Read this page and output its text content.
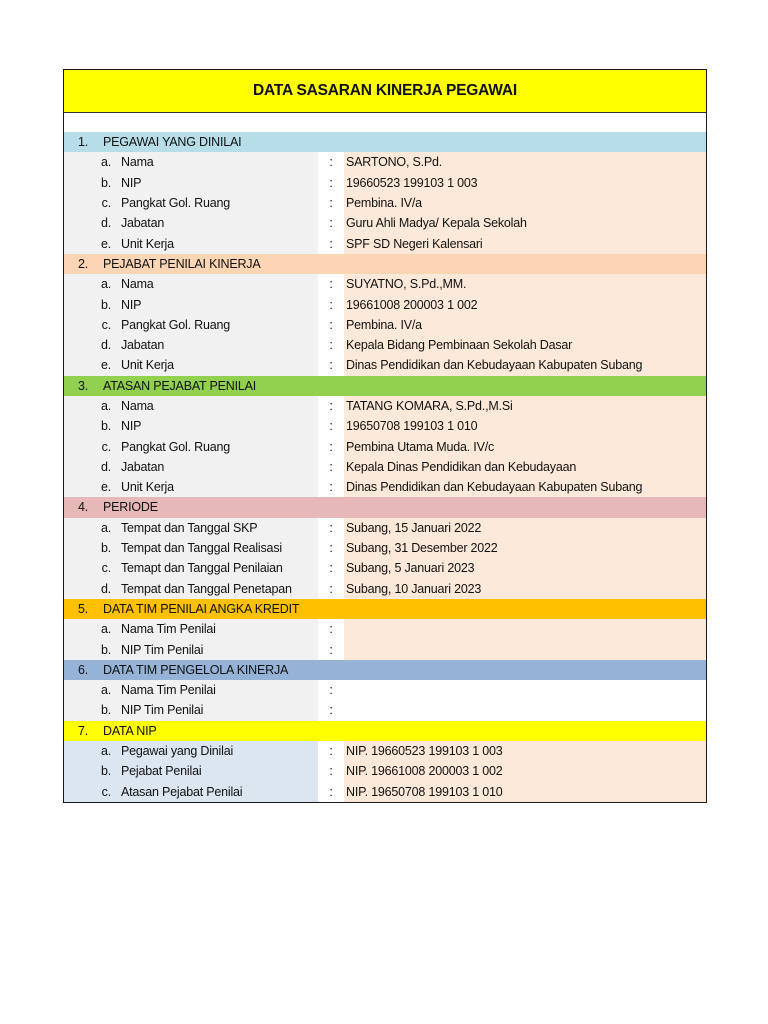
DATA SASARAN KINERJA PEGAWAI
1.	PEGAWAI YANG DINILAI
a. Nama	:	SARTONO, S.Pd.
b. NIP	:	19660523 199103 1 003
c. Pangkat Gol. Ruang	:	Pembina. IV/a
d. Jabatan	:	Guru Ahli Madya/ Kepala Sekolah
e. Unit Kerja	:	SPF SD Negeri Kalensari
2.	PEJABAT PENILAI KINERJA
a. Nama	:	SUYATNO, S.Pd.,MM.
b. NIP	:	19661008 200003 1 002
c. Pangkat Gol. Ruang	:	Pembina. IV/a
d. Jabatan	:	Kepala Bidang Pembinaan Sekolah Dasar
e. Unit Kerja	:	Dinas Pendidikan dan Kebudayaan Kabupaten Subang
3.	ATASAN PEJABAT PENILAI
a. Nama	:	TATANG KOMARA, S.Pd.,M.Si
b. NIP	:	19650708 199103 1 010
c. Pangkat Gol. Ruang	:	Pembina Utama Muda. IV/c
d. Jabatan	:	Kepala Dinas Pendidikan dan Kebudayaan
e. Unit Kerja	:	Dinas Pendidikan dan Kebudayaan Kabupaten Subang
4.	PERIODE
a. Tempat dan Tanggal SKP	:	Subang, 15 Januari 2022
b. Tempat dan Tanggal Realisasi	:	Subang, 31 Desember 2022
c. Temapt dan Tanggal Penilaian	:	Subang, 5 Januari 2023
d. Tempat dan Tanggal Penetapan	:	Subang, 10 Januari 2023
5.	DATA TIM PENILAI ANGKA KREDIT
a. Nama Tim Penilai	:
b. NIP Tim Penilai	:
6.	DATA TIM PENGELOLA KINERJA
a. Nama Tim Penilai	:
b. NIP Tim Penilai	:
7.	DATA NIP
a. Pegawai yang Dinilai	:	NIP. 19660523 199103 1 003
b. Pejabat Penilai	:	NIP. 19661008 200003 1 002
c. Atasan Pejabat Penilai	:	NIP. 19650708 199103 1 010
